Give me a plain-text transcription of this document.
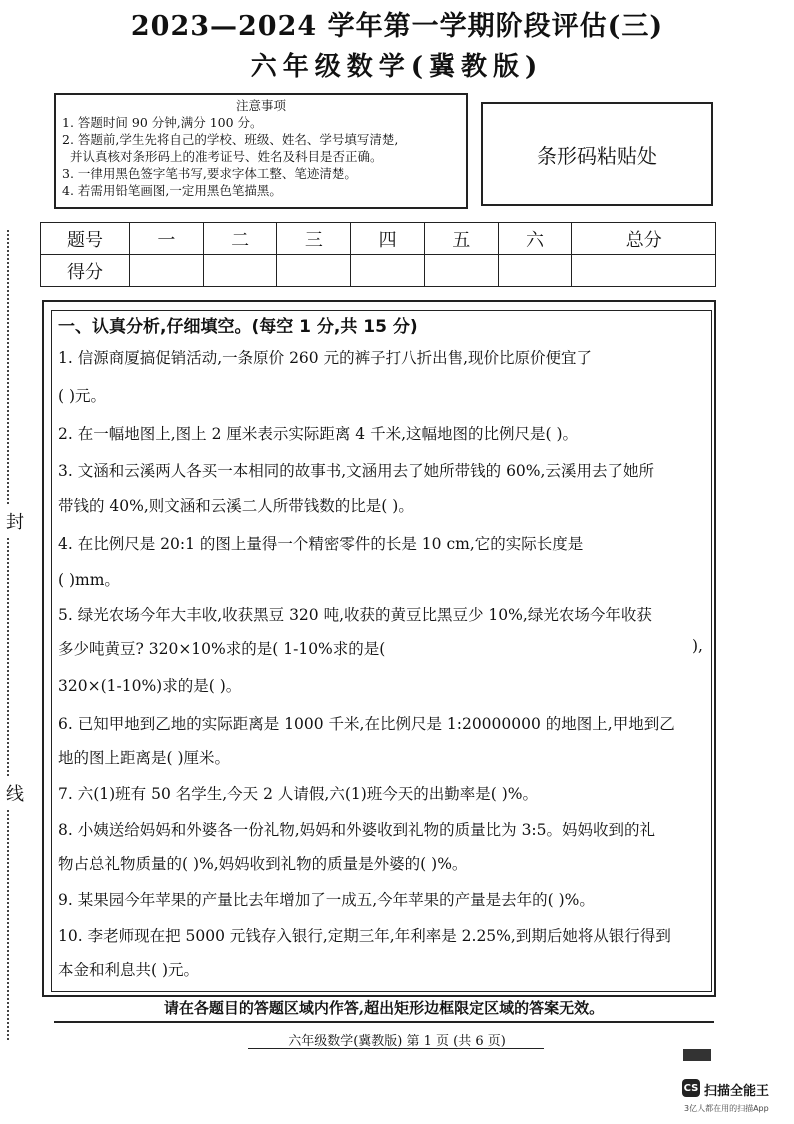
2023—2024 学年第一学期阶段评估(三)
六年级数学(冀教版)
注意事项
1. 答题时间 90 分钟,满分 100 分。
2. 答题前,学生先将自己的学校、班级、姓名、学号填写清楚,
并认真核对条形码上的准考证号、姓名及科目是否正确。
3. 一律用黑色签字笔书写,要求字体工整、笔迹清楚。
4. 若需用铅笔画图,一定用黑色笔描黑。
条形码粘贴处
题号	一	二	三	四	五	六	总分
得分							
一、认真分析,仔细填空。(每空 1 分,共 15 分)
1. 信源商厦搞促销活动,一条原价 260 元的裤子打八折出售,现价比原价便宜了
( )元。
2. 在一幅地图上,图上 2 厘米表示实际距离 4 千米,这幅地图的比例尺是( )。
3. 文涵和云溪两人各买一本相同的故事书,文涵用去了她所带钱的 60%,云溪用去了她所
带钱的 40%,则文涵和云溪二人所带钱数的比是( )。
4. 在比例尺是 20:1 的图上量得一个精密零件的长是 10 cm,它的实际长度是
( )mm。
5. 绿光农场今年大丰收,收获黑豆 320 吨,收获的黄豆比黑豆少 10%,绿光农场今年收获
多少吨黄豆? 320×10%求的是( 1-10%求的是(	),
320×(1-10%)求的是( )。
6. 已知甲地到乙地的实际距离是 1000 千米,在比例尺是 1:20000000 的地图上,甲地到乙
地的图上距离是( )厘米。
7. 六(1)班有 50 名学生,今天 2 人请假,六(1)班今天的出勤率是( )%。
8. 小姨送给妈妈和外婆各一份礼物,妈妈和外婆收到礼物的质量比为 3:5。妈妈收到的礼
物占总礼物质量的( )%,妈妈收到礼物的质量是外婆的( )%。
9. 某果园今年苹果的产量比去年增加了一成五,今年苹果的产量是去年的( )%。
10. 李老师现在把 5000 元钱存入银行,定期三年,年利率是 2.25%,到期后她将从银行得到
本金和利息共( )元。
请在各题目的答题区域内作答,超出矩形边框限定区域的答案无效。
六年级数学(冀教版) 第 1 页 (共 6 页)
封
线
CS 扫描全能王
3亿人都在用的扫描App
